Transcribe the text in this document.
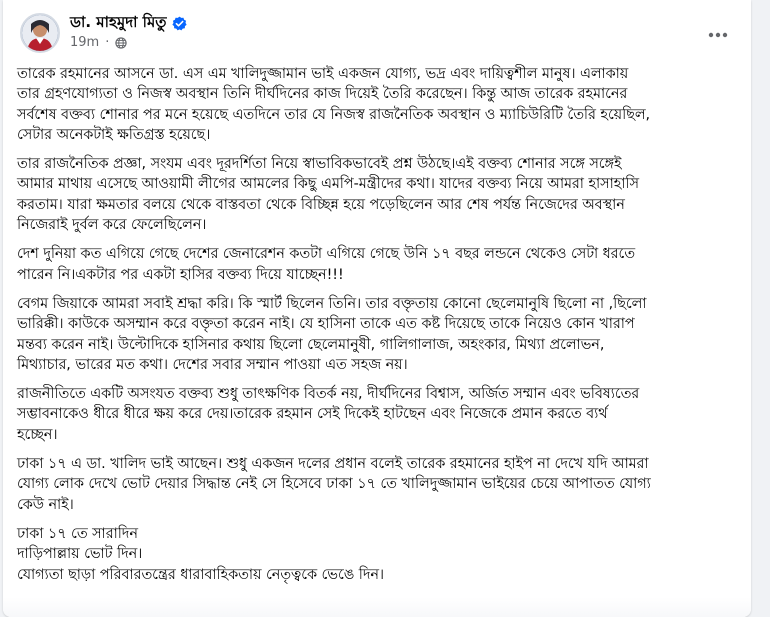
ডা. মাহমুদা মিতু
19m ·
তারেক রহমানের আসনে ডা. এস এম খালিদুজ্জামান ভাই একজন যোগ্য, ভদ্র এবং দায়িত্বশীল মানুষ। এলাকায়
তার গ্রহণযোগ্যতা ও নিজস্ব অবস্থান তিনি দীর্ঘদিনের কাজ দিয়েই তৈরি করেছেন। কিন্তু আজ তারেক রহমানের
সর্বশেষ বক্তব্য শোনার পর মনে হয়েছে এতদিনে তার যে নিজস্ব রাজনৈতিক অবস্থান ও ম্যাচিউরিটি তৈরি হয়েছিল,
সেটার অনেকটাই ক্ষতিগ্রস্ত হয়েছে।
তার রাজনৈতিক প্রজ্ঞা, সংযম এবং দূরদর্শিতা নিয়ে স্বাভাবিকভাবেই প্রশ্ন উঠছে।এই বক্তব্য শোনার সঙ্গে সঙ্গেই
আমার মাথায় এসেছে আওয়ামী লীগের আমলের কিছু এমপি-মন্ত্রীদের কথা। যাদের বক্তব্য নিয়ে আমরা হাসাহাসি
করতাম। যারা ক্ষমতার বলয়ে থেকে বাস্তবতা থেকে বিচ্ছিন্ন হয়ে পড়েছিলেন আর শেষ পর্যন্ত নিজেদের অবস্থান
নিজেরাই দুর্বল করে ফেলেছিলেন।
দেশ দুনিয়া কত এগিয়ে গেছে দেশের জেনারেশন কতটা এগিয়ে গেছে উনি ১৭ বছর লন্ডনে থেকেও সেটা ধরতে
পারেন নি।একটার পর একটা হাসির বক্তব্য দিয়ে যাচ্ছেন!!!
বেগম জিয়াকে আমরা সবাই শ্রদ্ধা করি। কি স্মার্ট ছিলেন তিনি। তার বক্তৃতায় কোনো ছেলেমানুষি ছিলো না ,ছিলো
ভারিক্কী। কাউকে অসম্মান করে বক্তৃতা করেন নাই। যে হাসিনা তাকে এত কষ্ট দিয়েছে তাকে নিয়েও কোন খারাপ
মন্তব্য করেন নাই। উল্টোদিকে হাসিনার কথায় ছিলো ছেলেমানুষী, গালিগালাজ, অহংকার, মিথ্যা প্রলোভন,
মিথ্যাচার, ভারের মত কথা। দেশের সবার সম্মান পাওয়া এত সহজ নয়।
রাজনীতিতে একটি অসংযত বক্তব্য শুধু তাৎক্ষণিক বিতর্ক নয়, দীর্ঘদিনের বিশ্বাস, অর্জিত সম্মান এবং ভবিষ্যতের
সম্ভাবনাকেও ধীরে ধীরে ক্ষয় করে দেয়।তারেক রহমান সেই দিকেই হাটছেন এবং নিজেকে প্রমান করতে ব্যর্থ
হচ্ছেন।
ঢাকা ১৭ এ ডা. খালিদ ভাই আছেন। শুধু একজন দলের প্রধান বলেই তারেক রহমানের হাইপ না দেখে যদি আমরা
যোগ্য লোক দেখে ভোট দেয়ার সিদ্ধান্ত নেই সে হিসেবে ঢাকা ১৭ তে খালিদুজ্জামান ভাইয়ের চেয়ে আপাতত যোগ্য
কেউ নাই।
ঢাকা ১৭ তে সারাদিন
দাড়িপাল্লায় ভোট দিন।
যোগ্যতা ছাড়া পরিবারতন্ত্রের ধারাবাহিকতায় নেতৃত্বকে ভেঙে দিন।
